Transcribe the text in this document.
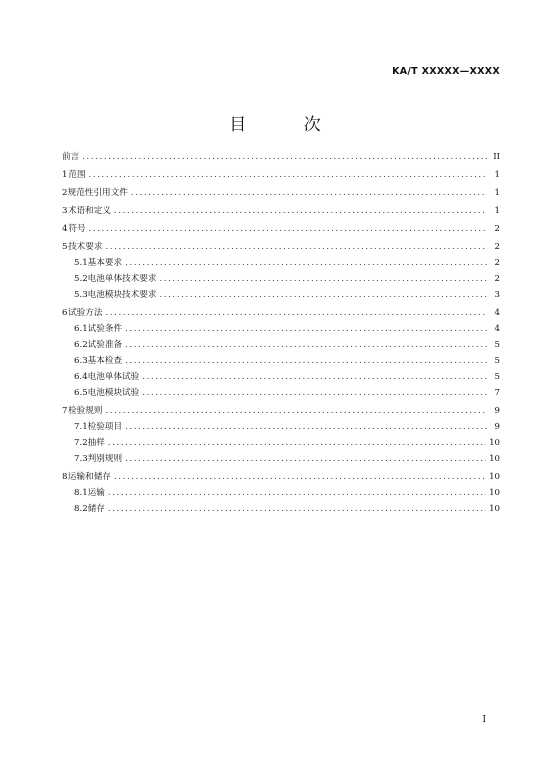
KA/T XXXXX—XXXX
目 次
前言 .....	II
1 范围 .....	1
2 规范性引用文件 .....	1
3 术语和定义 .....	1
4 符号 .....	2
5 技术要求 .....	2
5.1 基本要求 .....	2
5.2 电池单体技术要求 .....	2
5.3 电池模块技术要求 .....	3
6 试验方法 .....	4
6.1 试验条件 .....	4
6.2 试验准备 .....	5
6.3 基本检查 .....	5
6.4 电池单体试验 .....	5
6.5 电池模块试验 .....	7
7 检验规则 .....	9
7.1 检验项目 .....	9
7.2 抽样 .....	10
7.3 判别规则 .....	10
8 运输和储存 .....	10
8.1 运输 .....	10
8.2 储存 .....	10
I
